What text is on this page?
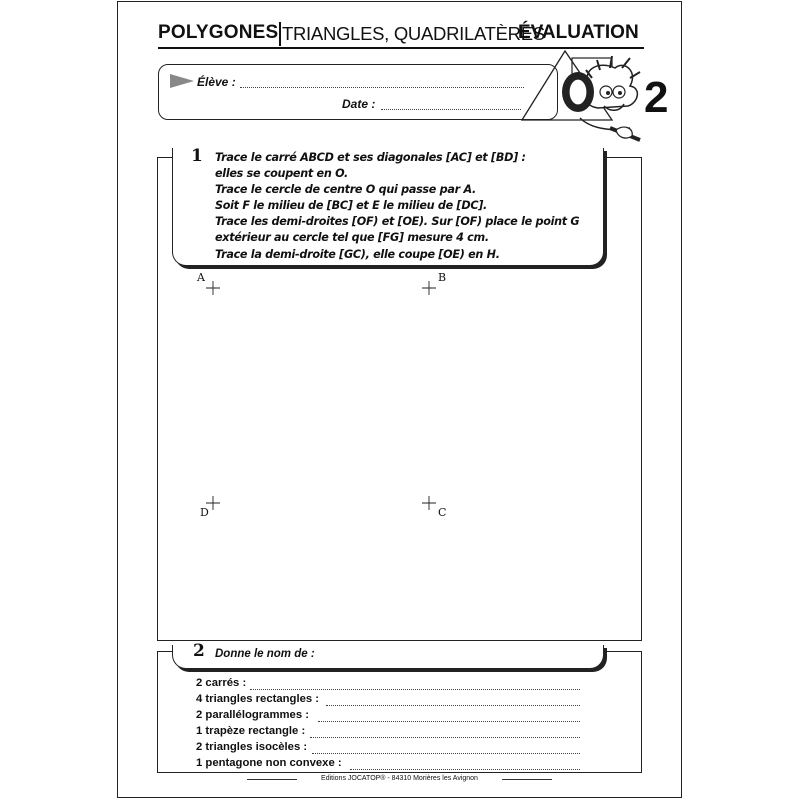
POLYGONES TRIANGLES, QUADRILATÈRES
ÉVALUATION
Élève :
Date :	2
1 Trace le carré ABCD et ses diagonales [AC] et [BD] :
elles se coupent en O.
Trace le cercle de centre O qui passe par A.
Soit F le milieu de [BC] et E le milieu de [DC].
Trace les demi-droites [OF) et [OE). Sur [OF) place le point G
extérieur au cercle tel que [FG] mesure 4 cm.
Trace la demi-droite [GC), elle coupe [OE) en H.
A	B
C
D
2 Donne le nom de :
2 carrés :
4 triangles rectangles :
2 parallélogrammes :
1 trapèze rectangle :
2 triangles isocèles :
1 pentagone non convexe :
Editions JOCATOP® - 84310 Morières les Avignon
